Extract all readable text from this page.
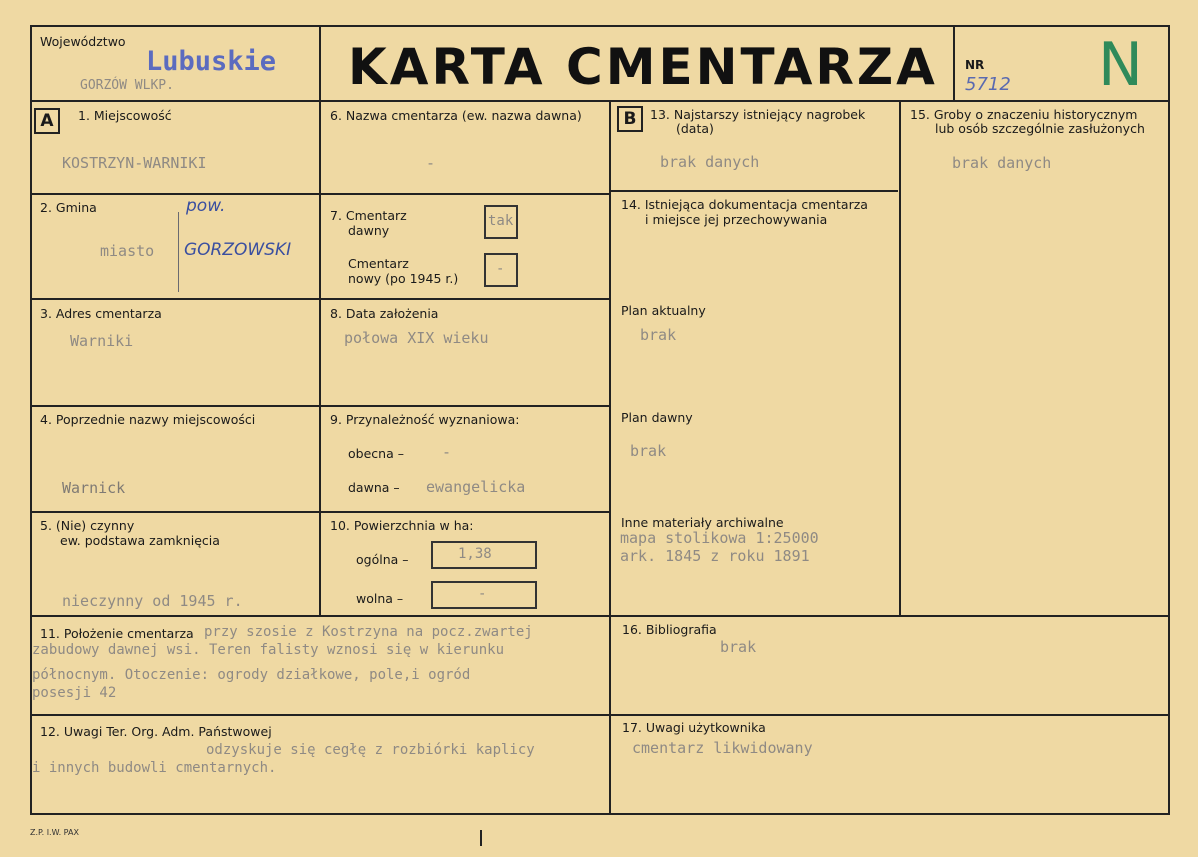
Województwo
Lubuskie
GORZÓW WLKP.	KARTA CMENTARZA NR
5712 N
A	B
1. Miejscowość
KOSTRZYN-WARNIKI
2. Gmina	pow.
miasto GORZOWSKI
3. Adres cmentarza
Warniki
4. Poprzednie nazwy miejscowości
Warnick
5. (Nie) czynny
ew. podstawa zamknięcia
nieczynny od 1945 r.
6. Nazwa cmentarza (ew. nazwa dawna)
-
7. Cmentarz
dawny
tak
Cmentarz
nowy (po 1945 r.)
-
8. Data założenia
połowa XIX wieku
9. Przynależność wyznaniowa:
obecna –	-
dawna – ewangelicka
10. Powierzchnia w ha:
ogólna –	1,38
wolna –	-
11. Położenie cmentarza przy szosie z Kostrzyna na pocz.zwartej
zabudowy dawnej wsi. Teren falisty wznosi się w kierunku
północnym. Otoczenie: ogrody działkowe, pole,i ogród
posesji 42
12. Uwagi Ter. Org. Adm. Państwowej
odzyskuje się cegłę z rozbiórki kaplicy
i innych budowli cmentarnych.
13. Najstarszy istniejący nagrobek
(data)
brak danych
14. Istniejąca dokumentacja cmentarza
i miejsce jej przechowywania
Plan aktualny
brak
Plan dawny
brak
Inne materiały archiwalne
mapa stolikowa 1:25000
ark. 1845 z roku 1891
15. Groby o znaczeniu historycznym
lub osób szczególnie zasłużonych
brak danych
16. Bibliografia
brak
17. Uwagi użytkownika
cmentarz likwidowany
Z.P. I.W. PAX
